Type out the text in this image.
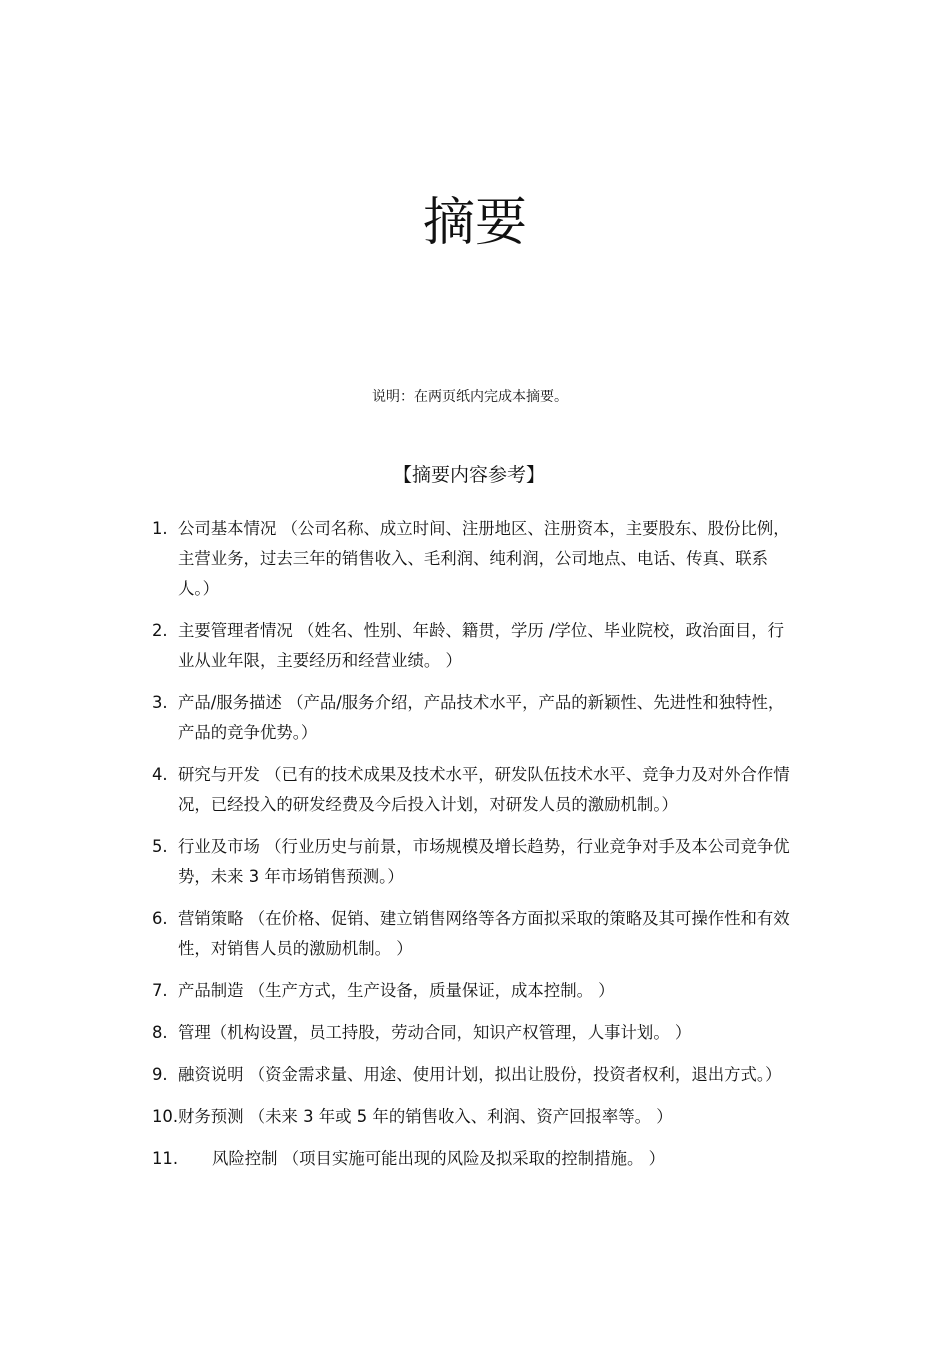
摘要
说明：在两页纸内完成本摘要。
【摘要内容参考】
1. 公司基本情况 （公司名称、成立时间、注册地区、注册资本，主要股东、股份比例，主营业务，过去三年的销售收入、毛利润、纯利润，公司地点、电话、传真、联系人。）
2. 主要管理者情况 （姓名、性别、年龄、籍贯，学历 /学位、毕业院校，政治面目，行业从业年限，主要经历和经营业绩。 ）
3. 产品/服务描述 （产品/服务介绍，产品技术水平，产品的新颖性、先进性和独特性，产品的竞争优势。）
4. 研究与开发 （已有的技术成果及技术水平，研发队伍技术水平、竞争力及对外合作情况，已经投入的研发经费及今后投入计划，对研发人员的激励机制。）
5. 行业及市场 （行业历史与前景，市场规模及增长趋势，行业竞争对手及本公司竞争优势，未来 3 年市场销售预测。）
6. 营销策略 （在价格、促销、建立销售网络等各方面拟采取的策略及其可操作性和有效性，对销售人员的激励机制。 ）
7. 产品制造 （生产方式，生产设备，质量保证，成本控制。 ）
8. 管理（机构设置，员工持股，劳动合同，知识产权管理，人事计划。 ）
9. 融资说明 （资金需求量、用途、使用计划，拟出让股份，投资者权利，退出方式。）
10. 财务预测 （未来 3 年或 5 年的销售收入、利润、资产回报率等。 ）
11. 风险控制 （项目实施可能出现的风险及拟采取的控制措施。 ）
